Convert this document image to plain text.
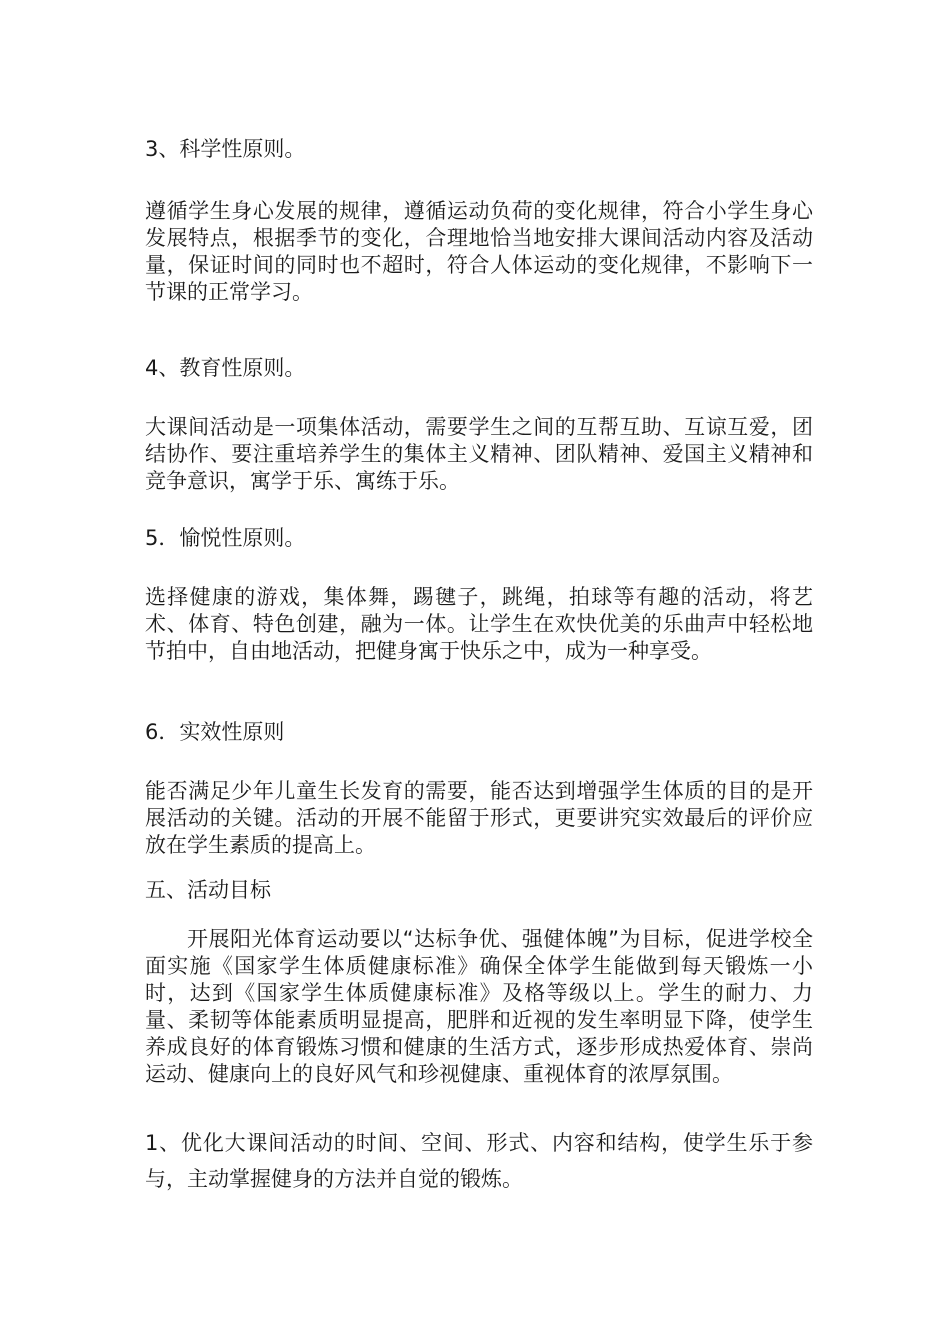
3、科学性原则。
遵循学生身心发展的规律，遵循运动负荷的变化规律，符合小学生身心发展特点，根据季节的变化，合理地恰当地安排大课间活动内容及活动量，保证时间的同时也不超时，符合人体运动的变化规律，不影响下一节课的正常学习。
4、教育性原则。
大课间活动是一项集体活动，需要学生之间的互帮互助、互谅互爱，团结协作、要注重培养学生的集体主义精神、团队精神、爱国主义精神和竞争意识，寓学于乐、寓练于乐。
5．愉悦性原则。
选择健康的游戏，集体舞，踢毽子，跳绳，拍球等有趣的活动，将艺术、体育、特色创建，融为一体。让学生在欢快优美的乐曲声中轻松地节拍中，自由地活动，把健身寓于快乐之中，成为一种享受。
6．实效性原则
能否满足少年儿童生长发育的需要，能否达到增强学生体质的目的是开展活动的关键。活动的开展不能留于形式，更要讲究实效最后的评价应放在学生素质的提高上。
五、活动目标
开展阳光体育运动要以“达标争优、强健体魄”为目标，促进学校全面实施《国家学生体质健康标准》确保全体学生能做到每天锻炼一小时，达到《国家学生体质健康标准》及格等级以上。学生的耐力、力量、柔韧等体能素质明显提高，肥胖和近视的发生率明显下降，使学生养成良好的体育锻炼习惯和健康的生活方式，逐步形成热爱体育、崇尚运动、健康向上的良好风气和珍视健康、重视体育的浓厚氛围。
1、优化大课间活动的时间、空间、形式、内容和结构，使学生乐于参与，主动掌握健身的方法并自觉的锻炼。
